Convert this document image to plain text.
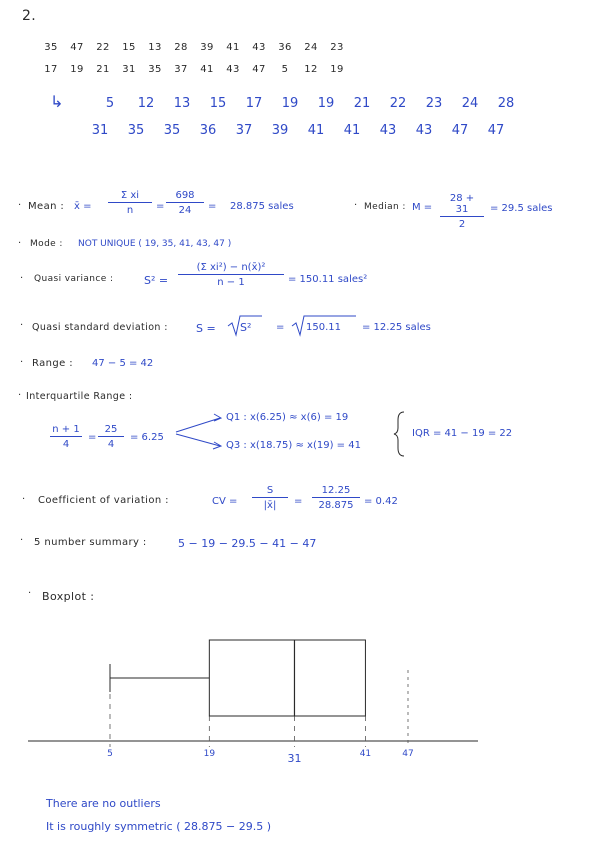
2.
35	47	22	15	13	28	39	41	43	36	24	23
17	19	21	31	35	37	41	43	47	5	12	19
↳	5	12	13	15	17	19	19	21	22	23	24	28
31	35	35	36	37	39	41	41	43	43	47	47
· Mean : x̄ = $\frac{\text{Σ xi}}{n} = \frac{698}{24} = 28.875$ sales	· Median : $M = \frac{28 + 31}{2} = 29.5$ sales
· Mode : NOT UNIQUE ( 19, 35, 41, 43, 47 )
· Quasi variance :	$S^2 = \frac{\text{(Σ xi²) − n(x̄)²}}{n - 1} = 150.11$ sales²
· Quasi standard deviation :	S = S² = 150.11 = 12.25 sales
· Range : 47 − 5 = 42
· Interquartile Range :
$\frac{n + 1}{4} = \frac{25}{4} = 6.25$
Q1 : x(6.25) ≈ x(6) = 19
Q3 : x(18.75) ≈ x(19) = 41
IQR = 41 − 19 = 22
· Coefficient of variation :	CV = $\frac{S}{|x̄|} = \frac{12.25}{28.875} = 0.42$
· 5 number summary :	5 − 19 − 29.5 − 41 − 47
· Boxplot :
5	19	31	41	47
There are no outliers
It is roughly symmetric ( 28.875 − 29.5 )
